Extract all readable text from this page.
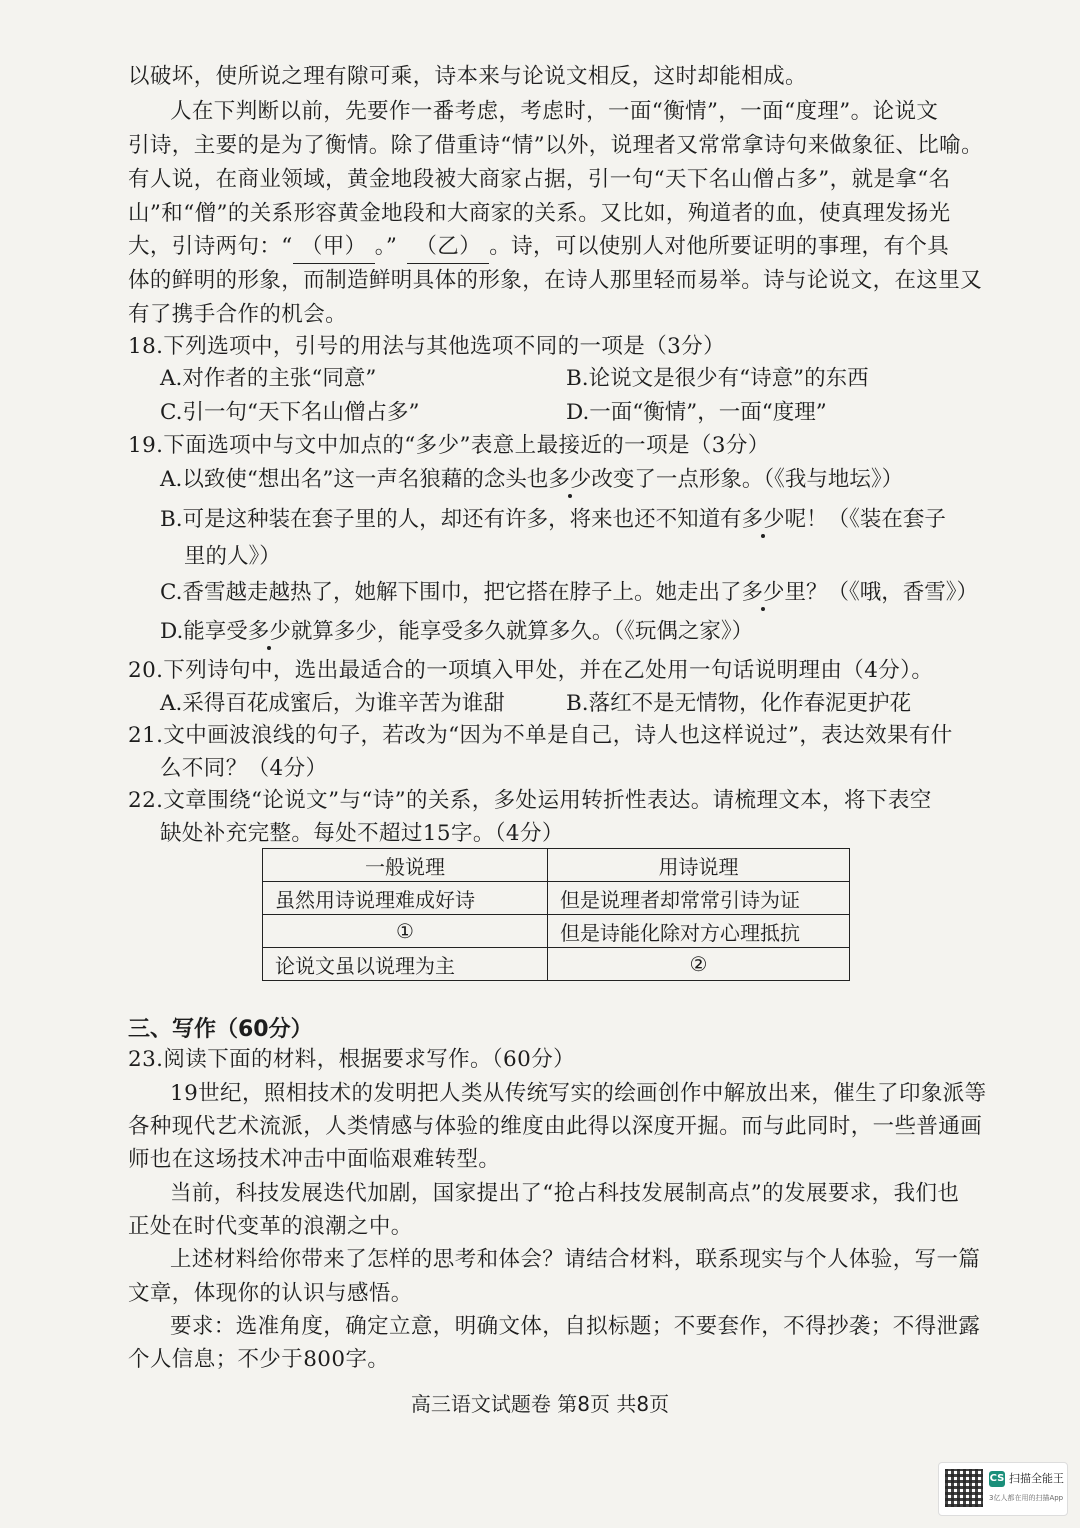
以破坏，使所说之理有隙可乘，诗本来与论说文相反，这时却能相成。
人在下判断以前，先要作一番考虑，考虑时，一面“衡情”，一面“度理”。论说文
引诗，主要的是为了衡情。除了借重诗“情”以外，说理者又常常拿诗句来做象征、比喻。
有人说，在商业领域，黄金地段被大商家占据，引一句“天下名山僧占多”，就是拿“名
山”和“僧”的关系形容黄金地段和大商家的关系。又比如，殉道者的血，使真理发扬光
大，引诗两句：“ （甲） 。” （乙） 。诗，可以使别人对他所要证明的事理，有个具
体的鲜明的形象，而制造鲜明具体的形象，在诗人那里轻而易举。诗与论说文，在这里又
有了携手合作的机会。
18.下列选项中，引号的用法与其他选项不同的一项是（3分）
A.对作者的主张“同意”	B.论说文是很少有“诗意”的东西
C.引一句“天下名山僧占多”	D.一面“衡情”，一面“度理”
19.下面选项中与文中加点的“多少”表意上最接近的一项是（3分）
A.以致使“想出名”这一声名狼藉的念头也多少改变了一点形象。（《我与地坛》）
B.可是这种装在套子里的人，却还有许多，将来也还不知道有多少呢！（《装在套子
里的人》）
C.香雪越走越热了，她解下围巾，把它搭在脖子上。她走出了多少里？（《哦，香雪》）
D.能享受多少就算多少，能享受多久就算多久。（《玩偶之家》）
20.下列诗句中，选出最适合的一项填入甲处，并在乙处用一句话说明理由（4分）。
A.采得百花成蜜后，为谁辛苦为谁甜	B.落红不是无情物，化作春泥更护花
21.文中画波浪线的句子，若改为“因为不单是自己，诗人也这样说过”，表达效果有什
么不同？（4分）
22.文章围绕“论说文”与“诗”的关系，多处运用转折性表达。请梳理文本，将下表空
缺处补充完整。每处不超过15字。（4分）
一般说理	用诗说理
虽然用诗说理难成好诗	但是说理者却常常引诗为证
①	但是诗能化除对方心理抵抗
论说文虽以说理为主	②
三、写作（60分）
23.阅读下面的材料，根据要求写作。（60分）
19世纪，照相技术的发明把人类从传统写实的绘画创作中解放出来，催生了印象派等
各种现代艺术流派，人类情感与体验的维度由此得以深度开掘。而与此同时，一些普通画
师也在这场技术冲击中面临艰难转型。
当前，科技发展迭代加剧，国家提出了“抢占科技发展制高点”的发展要求，我们也
正处在时代变革的浪潮之中。
上述材料给你带来了怎样的思考和体会？请结合材料，联系现实与个人体验，写一篇
文章，体现你的认识与感悟。
要求：选准角度，确定立意，明确文体，自拟标题；不要套作，不得抄袭；不得泄露
个人信息；不少于800字。
高三语文试题卷 第8页 共8页
CS 扫描全能王
3亿人都在用的扫描App
